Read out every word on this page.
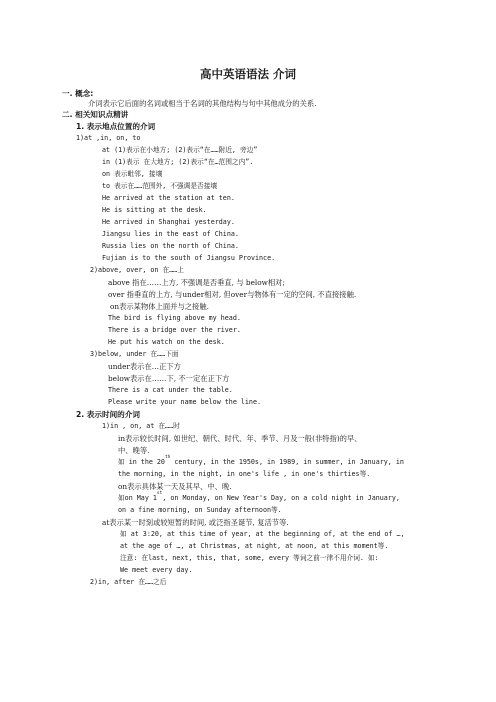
高中英语语法 介词
一. 概念:
介词表示它后面的名词或相当于名词的其他结构与句中其他成分的关系.
二. 相关知识点精讲
1. 表示地点位置的介词
1)at ,in, on, to
at (1)表示在小地方; (2)表示“在……附近, 旁边”
in (1)表示 在大地方; (2)表示“在…范围之内”.
on 表示毗邻, 接壤
to 表示在……范围外, 不强调是否接壤
He arrived at the station at ten.
He is sitting at the desk.
He arrived in Shanghai yesterday.
Jiangsu lies in the east of China.
Russia lies on the north of China.
Fujian is to the south of Jiangsu Province.
2)above, over, on 在……上
above 指在……上方, 不强调是否垂直, 与 below相对;
over 指垂直的上方, 与under相对, 但over与物体有一定的空间, 不直接接触.
on表示某物体上面并与之接触.
The bird is flying above my head.
There is a bridge over the river.
He put his watch on the desk.
3)below, under 在……下面
under表示在…正下方
below表示在……下, 不一定在正下方
There is a cat under the table.
Please write your name below the line.
2. 表示时间的介词
1)in , on, at 在……时
in表示较长时间, 如世纪、朝代、时代、年、季节、月及一般(非特指)的早、
中、晚等.
如 in the 20th century, in the 1950s, in 1989, in summer, in January, in
the morning, in the night, in one's life , in one's thirties等.
on表示具体某一天及其早、中、晚.
如on May 1st, on Monday, on New Year's Day, on a cold night in January,
on a fine morning, on Sunday afternoon等.
at表示某一时刻或较短暂的时间, 或泛指圣诞节, 复活节等.
如 at 3:20, at this time of year, at the beginning of, at the end of …,
at the age of …, at Christmas, at night, at noon, at this moment等.
注意: 在last, next, this, that, some, every 等词之前一律不用介词. 如:
We meet every day.
2)in, after 在……之后
